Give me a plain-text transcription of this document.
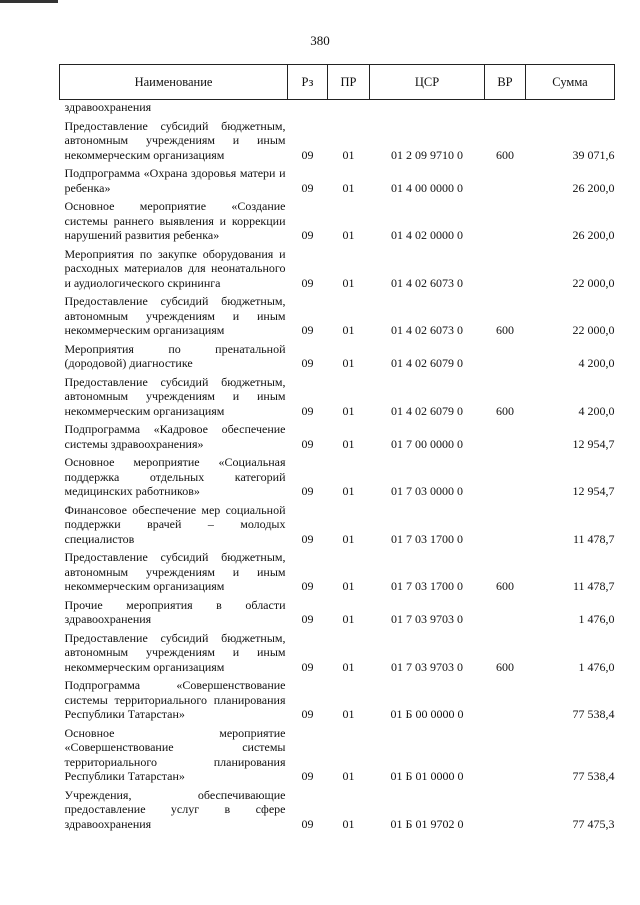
380
Наименование	Рз	ПР	ЦСР	ВР	Сумма
здравоохранения					
Предоставление субсидий бюджетным, автономным учреждениям и иным некоммерческим организациям	09	01	01 2 09 9710 0	600	39 071,6
Подпрограмма «Охрана здоровья матери и ребенка»	09	01	01 4 00 0000 0		26 200,0
Основное мероприятие «Создание системы раннего выявления и коррекции нарушений развития ребенка»	09	01	01 4 02 0000 0		26 200,0
Мероприятия по закупке оборудования и расходных материалов для неонатального и аудиологического скрининга	09	01	01 4 02 6073 0		22 000,0
Предоставление субсидий бюджетным, автономным учреждениям и иным некоммерческим организациям	09	01	01 4 02 6073 0	600	22 000,0
Мероприятия по пренатальной (дородовой) диагностике	09	01	01 4 02 6079 0		4 200,0
Предоставление субсидий бюджетным, автономным учреждениям и иным некоммерческим организациям	09	01	01 4 02 6079 0	600	4 200,0
Подпрограмма «Кадровое обеспечение системы здравоохранения»	09	01	01 7 00 0000 0		12 954,7
Основное мероприятие «Социальная поддержка отдельных категорий медицинских работников»	09	01	01 7 03 0000 0		12 954,7
Финансовое обеспечение мер социальной поддержки врачей – молодых специалистов	09	01	01 7 03 1700 0		11 478,7
Предоставление субсидий бюджетным, автономным учреждениям и иным некоммерческим организациям	09	01	01 7 03 1700 0	600	11 478,7
Прочие мероприятия в области здравоохранения	09	01	01 7 03 9703 0		1 476,0
Предоставление субсидий бюджетным, автономным учреждениям и иным некоммерческим организациям	09	01	01 7 03 9703 0	600	1 476,0
Подпрограмма «Совершенствование системы территориального планирования Республики Татарстан»	09	01	01 Б 00 0000 0		77 538,4
Основное мероприятие «Совершенствование системы территориального планирования Республики Татарстан»	09	01	01 Б 01 0000 0		77 538,4
Учреждения, обеспечивающие предоставление услуг в сфере здравоохранения	09	01	01 Б 01 9702 0		77 475,3
